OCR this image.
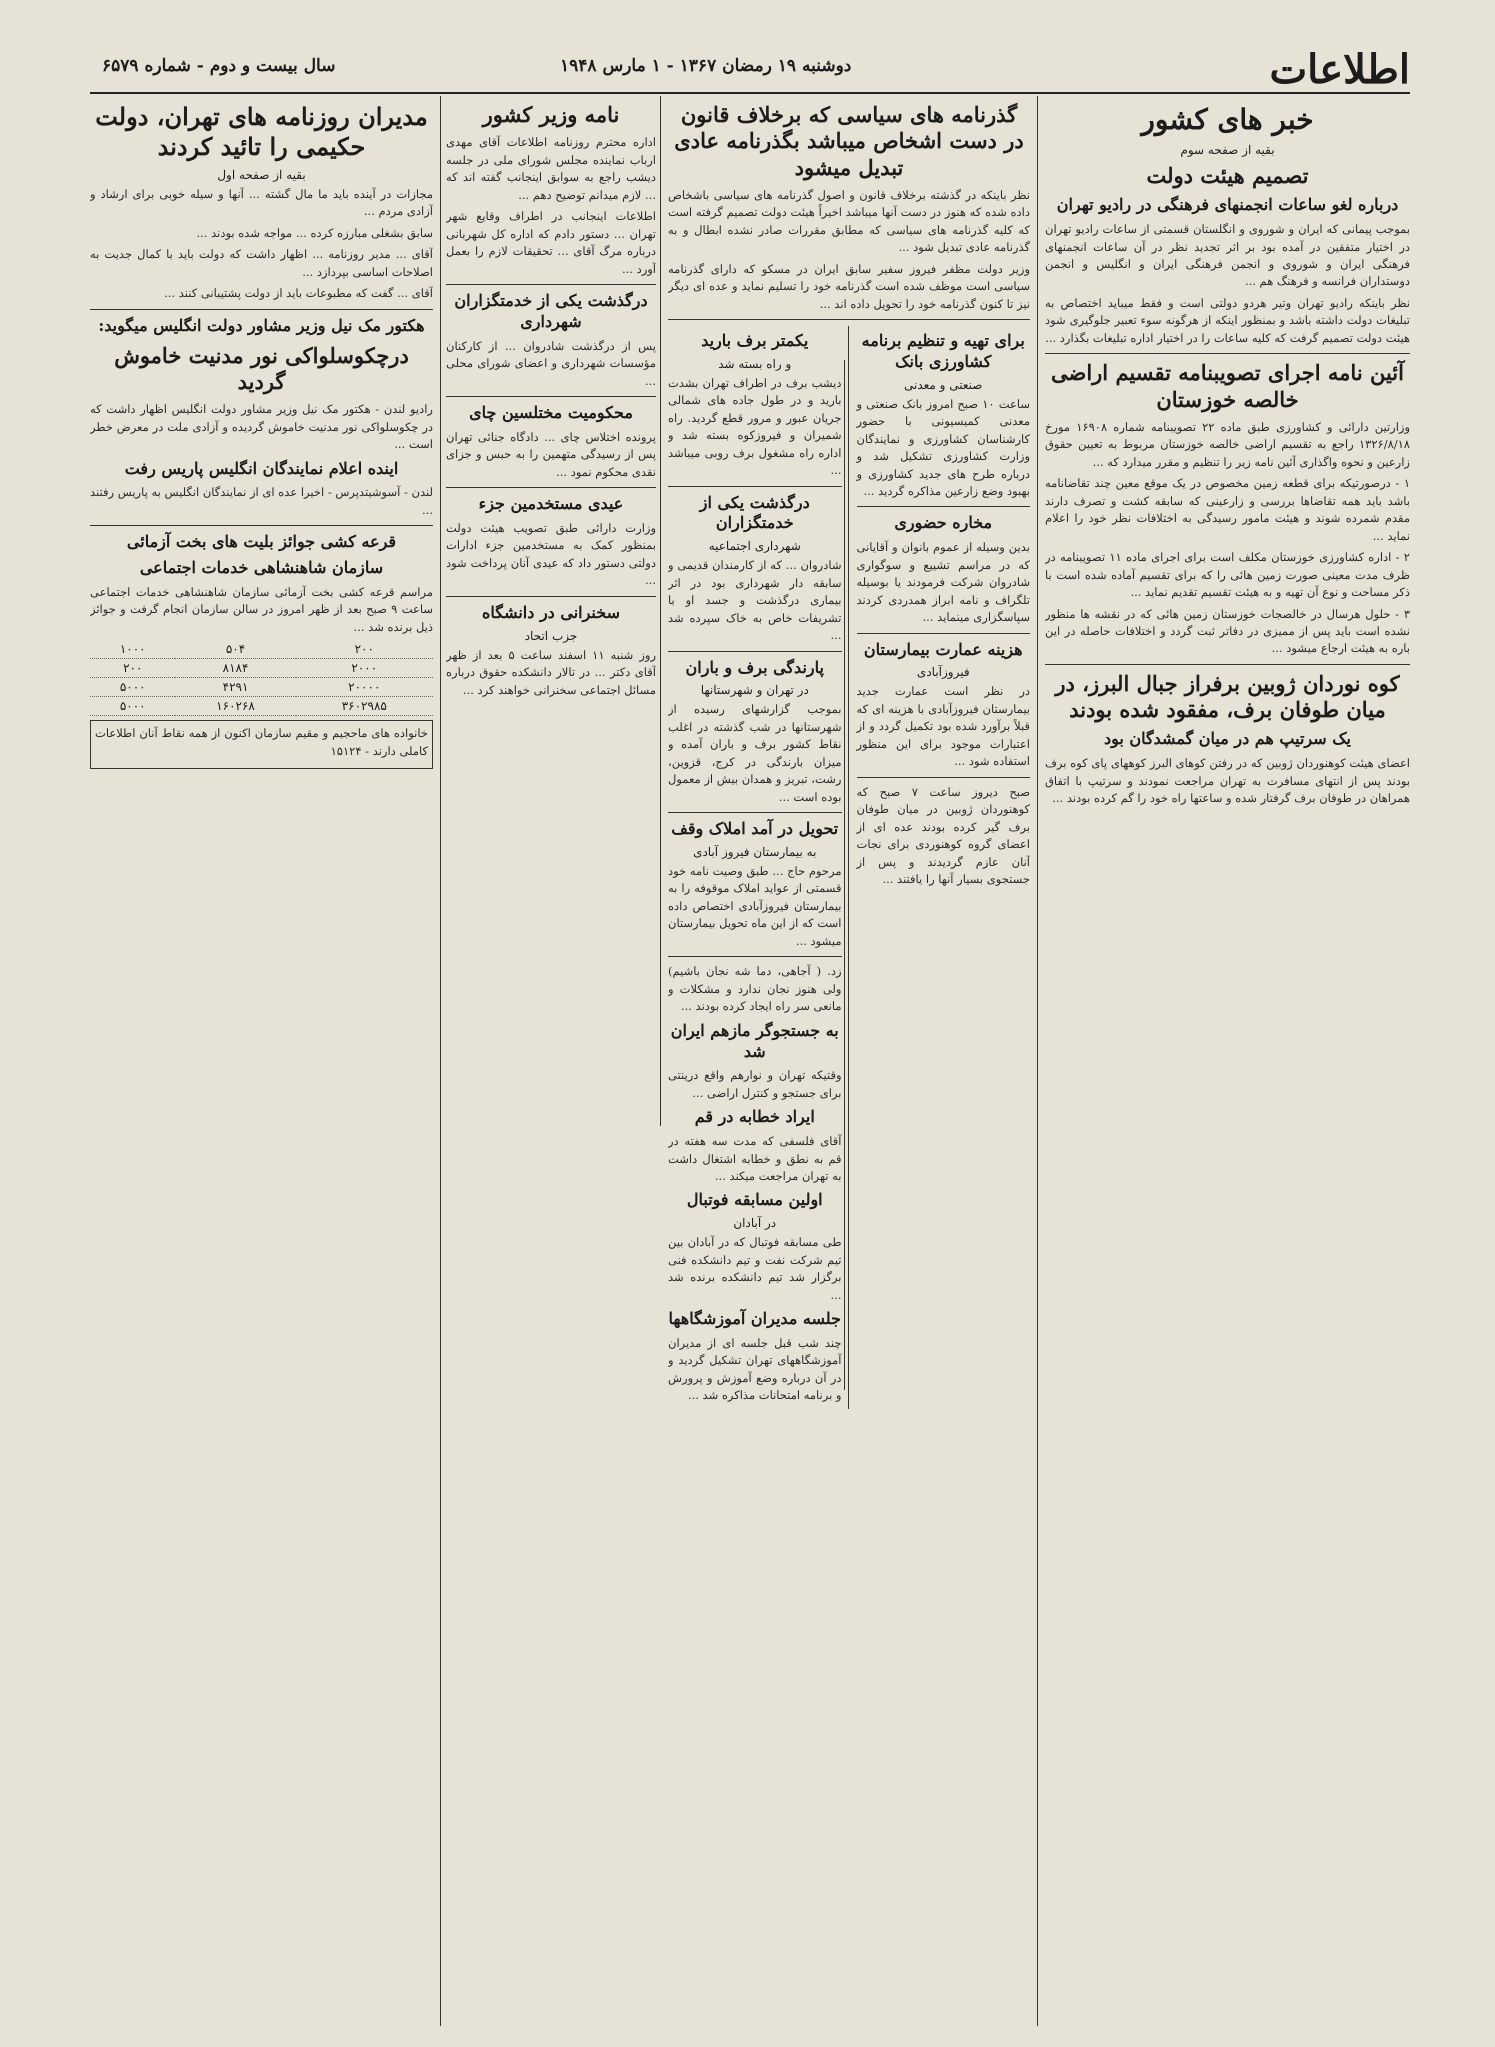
اطلاعات
دوشنبه ۱۹ رمضان ۱۳۶۷ - ۱ مارس ۱۹۴۸
سال بیست و دوم - شماره ۶۵۷۹
خبر های کشور
بقیه از صفحه سوم
تصمیم هیئت دولت
درباره لغو ساعات انجمنهای فرهنگی در رادیو تهران

بموجب پیمانی که ایران و شوروی و انگلستان قسمتی از ساعات رادیو تهران در اختیار متفقین در آمده بود بر اثر تجدید نظر در آن ساعات انجمنهای فرهنگی ایران و شوروی و انجمن فرهنگی ایران و انگلیس و انجمن دوستداران فرانسه و فرهنگ هم ...

نظر باینکه رادیو تهران وتیر هردو دولتی است و فقط میباید اختصاص به تبلیغات دولت داشته باشد و بمنظور اینکه از هرگونه سوء تعبیر جلوگیری شود هیئت دولت تصمیم گرفت که کلیه ساعات را در اختیار اداره تبلیغات بگذارد ...

آئین نامه اجرای تصویبنامه تقسیم اراضی خالصه خوزستان

وزارتین دارائی و کشاورزی طبق ماده ۲۲ تصویبنامه شماره ۱۶۹۰۸ مورخ ۱۳۲۶/۸/۱۸ راجع به تقسیم اراضی خالصه خوزستان مربوط به تعیین حقوق زارعین و نحوه واگذاری آئین نامه زیر را تنظیم و مقرر میدارد که ...

۱ - درصورتیکه برای قطعه زمین مخصوص در یک موقع معین چند تقاضانامه باشد باید همه تقاضاها بررسی و زارعینی که سابقه کشت و تصرف دارند مقدم شمرده شوند و هیئت مامور رسیدگی به اختلافات نظر خود را اعلام نماید ...

۲ - اداره کشاورزی خوزستان مکلف است برای اجرای ماده ۱۱ تصویبنامه در ظرف مدت معینی صورت زمین هائی را که برای تقسیم آماده شده است با ذکر مساحت و نوع آن تهیه و به هیئت تقسیم تقدیم نماید ...

۳ - حلول هرسال در خالصجات خوزستان زمین هائی که در نقشه ها منظور نشده است باید پس از ممیزی در دفاتر ثبت گردد و اختلافات حاصله در این باره به هیئت ارجاع میشود ...

کوه نوردان ژوبین برفراز جبال البرز، در میان طوفان برف، مفقود شده بودند
یک سرتیپ هم در میان گمشدگان بود

اعضای هیئت کوهنوردان ژوبین که در رفتن کوهای البرز کوههای پای کوه برف بودند پس از انتهای مسافرت به تهران مراجعت نمودند و سرتیپ با اتفاق همراهان در طوفان برف گرفتار شده و ساعتها راه خود را گم کرده بودند ...

گذرنامه های سیاسی که برخلاف قانون در دست اشخاص میباشد بگذرنامه عادی تبدیل میشود

نظر باینکه در گذشته برخلاف قانون و اصول گذرنامه های سیاسی باشخاص داده شده که هنوز در دست آنها میباشد اخیراً هیئت دولت تصمیم گرفته است که کلیه گذرنامه های سیاسی که مطابق مقررات صادر نشده ابطال و به گذرنامه عادی تبدیل شود ...

وزیر دولت مظفر فیروز سفیر سابق ایران در مسکو که دارای گذرنامه سیاسی است موظف شده است گذرنامه خود را تسلیم نماید و عده ای دیگر نیز تا کنون گذرنامه خود را تحویل داده اند ...

برای تهیه و تنظیم برنامه کشاورزی بانک
صنعتی و معدنی

ساعت ۱۰ صبح امروز بانک صنعتی و معدنی کمیسیونی با حضور کارشناسان کشاورزی و نمایندگان وزارت کشاورزی تشکیل شد و درباره طرح های جدید کشاورزی و بهبود وضع زارعین مذاکره گردید ...

مخاره حضوری

بدین وسیله از عموم بانوان و آقایانی که در مراسم تشییع و سوگواری شادروان شرکت فرمودند یا بوسیله تلگراف و نامه ابراز همدردی کردند سپاسگزاری مینماید ...

هزینه عمارت بیمارستان
فیروزآبادی

در نظر است عمارت جدید بیمارستان فیروزآبادی با هزینه ای که قبلاً برآورد شده بود تکمیل گردد و از اعتبارات موجود برای این منظور استفاده شود ...

صبح دیروز ساعت ۷ صبح که کوهنوردان ژوبین در میان طوفان برف گیر کرده بودند عده ای از اعضای گروه کوهنوردی برای نجات آنان عازم گردیدند و پس از جستجوی بسیار آنها را یافتند ...

یکمتر برف بارید
و راه بسته شد

دیشب برف در اطراف تهران بشدت بارید و در طول جاده های شمالی جریان عبور و مرور قطع گردید. راه شمیران و فیروزکوه بسته شد و اداره راه مشغول برف روبی میباشد ...

درگذشت یکی از خدمتگزاران
شهرداری اجتماعیه

شادروان ... که از کارمندان قدیمی و سابقه دار شهرداری بود در اثر بیماری درگذشت و جسد او با تشریفات خاص به خاک سپرده شد ...

پارندگی برف و باران
در تهران و شهرستانها

بموجب گزارشهای رسیده از شهرستانها در شب گذشته در اغلب نقاط کشور برف و باران آمده و میزان بارندگی در کرج، قزوین، رشت، تبریز و همدان بیش از معمول بوده است ...

تحویل در آمد املاک وقف
به بیمارستان فیروز آبادی

مرحوم حاج ... طبق وصیت نامه خود قسمتی از عواید املاک موقوفه را به بیمارستان فیروزآبادی اختصاص داده است که از این ماه تحویل بیمارستان میشود ...

زد. ( آجاهی، دما شه نجان باشیم) ولی هنوز نجان ندارد و مشکلات و مانعی سر راه ایجاد کرده بودند ...

به جستجوگر مازهم ایران شد

وقتیکه تهران و نوارهم واقع درینتی برای جستجو و کنترل اراضی ...

ایراد خطابه در قم

آقای فلسفی که مدت سه هفته در قم به نطق و خطابه اشتغال داشت به تهران مراجعت میکند ...

اولین مسابقه فوتبال
در آبادان

طی مسابقه فوتبال که در آبادان بین تیم شرکت نفت و تیم دانشکده فنی برگزار شد تیم دانشکده برنده شد ...

جلسه مدیران آموزشگاهها

چند شب قبل جلسه ای از مدیران آموزشگاههای تهران تشکیل گردید و در آن درباره وضع آموزش و پرورش و برنامه امتحانات مذاکره شد ...

نامه وزیر کشور

اداره محترم روزنامه اطلاعات آقای مهدی ارباب نماینده مجلس شورای ملی در جلسه دیشب راجع به سوابق اینجانب گفته اند که ... لازم میدانم توضیح دهم ...

اطلاعات اینجانب در اطراف وقایع شهر تهران ... دستور دادم که اداره کل شهربانی درباره مرگ آقای ... تحقیقات لازم را بعمل آورد ...

درگذشت یکی از خدمتگزاران شهرداری

پس از درگذشت شادروان ... از کارکنان مؤسسات شهرداری و اعضای شورای محلی ...

محکومیت مختلسین چای

پرونده اختلاس چای ... دادگاه جنائی تهران پس از رسیدگی متهمین را به حبس و جزای نقدی محکوم نمود ...

عیدی مستخدمین جزء

وزارت دارائی طبق تصویب هیئت دولت بمنظور کمک به مستخدمین جزء ادارات دولتی دستور داد که عیدی آنان پرداخت شود ...

سخنرانی در دانشگاه
جزب اتحاد

روز شنبه ۱۱ اسفند ساعت ۵ بعد از ظهر آقای دکتر ... در تالار دانشکده حقوق درباره مسائل اجتماعی سخنرانی خواهند کرد ...

مدیران روزنامه های تهران، دولت حکیمی را تائید کردند
بقیه از صفحه اول

مجازات در آینده باید ما مال گشته ... آنها و سیله خوبی برای ارشاد و آزادی مردم ...

سابق بشغلی مبارزه کرده ... مواجه شده بودند ...

آقای ... مدیر روزنامه ... اظهار داشت که دولت باید با کمال جدیت به اصلاحات اساسی بپردازد ...

آقای ... گفت که مطبوعات باید از دولت پشتیبانی کنند ...

هکتور مک نیل وزیر مشاور دولت انگلیس میگوید:
درچکوسلواکی نور مدنیت خاموش گردید

رادیو لندن - هکتور مک نیل وزیر مشاور دولت انگلیس اظهار داشت که در چکوسلواکی نور مدنیت خاموش گردیده و آزادی ملت در معرض خطر است ...

اینده اعلام نمایندگان انگلیس پاریس رفت

لندن - آسوشیتدپرس - اخیرا عده ای از نمایندگان انگلیس به پاریس رفتند ...

قرعه کشی جوائز بلیت های بخت آزمائی
سازمان شاهنشاهی خدمات اجتماعی

مراسم قرعه کشی بخت آزمائی سازمان شاهنشاهی خدمات اجتماعی ساعت ۹ صبح بعد از ظهر امروز در سالن سازمان انجام گرفت و جوائز ذیل برنده شد ...

۲۰۰	۵۰۴	۱۰۰۰
۲۰۰۰	۸۱۸۴	۲۰۰
۲۰۰۰۰	۴۲۹۱	۵۰۰۰
۳۶۰۲۹۸۵	۱۶۰۲۶۸	۵۰۰۰

خانواده های ماحجیم و مقیم سازمان اکنون از همه نقاط آنان اطلاعات کاملی دارند - ۱۵۱۲۴
